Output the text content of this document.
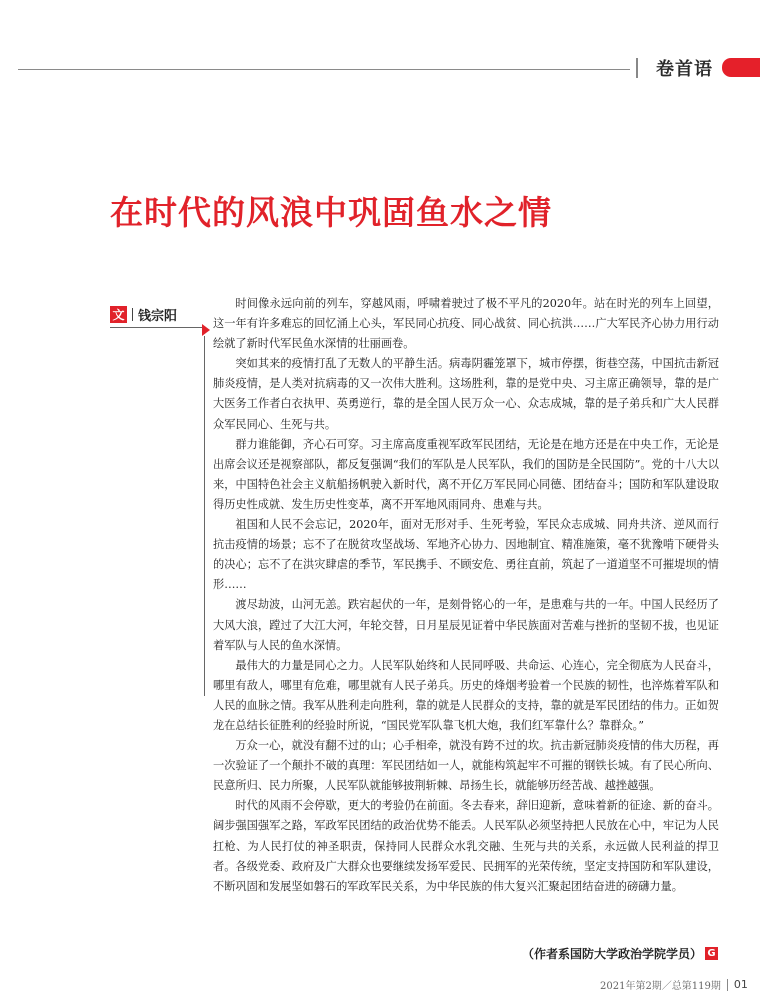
卷首语
在时代的风浪中巩固鱼水之情
文 钱宗阳

时间像永远向前的列车，穿越风雨，呼啸着驶过了极不平凡的2020年。站在时光的列车上回望，这一年有许多难忘的回忆涌上心头，军民同心抗疫、同心战贫、同心抗洪……广大军民齐心协力用行动绘就了新时代军民鱼水深情的壮丽画卷。

突如其来的疫情打乱了无数人的平静生活。病毒阴霾笼罩下，城市停摆，街巷空荡，中国抗击新冠肺炎疫情，是人类对抗病毒的又一次伟大胜利。这场胜利，靠的是党中央、习主席正确领导，靠的是广大医务工作者白衣执甲、英勇逆行，靠的是全国人民万众一心、众志成城，靠的是子弟兵和广大人民群众军民同心、生死与共。

群力谁能御，齐心石可穿。习主席高度重视军政军民团结，无论是在地方还是在中央工作，无论是出席会议还是视察部队，都反复强调“我们的军队是人民军队，我们的国防是全民国防”。党的十八大以来，中国特色社会主义航船扬帆驶入新时代，离不开亿万军民同心同德、团结奋斗；国防和军队建设取得历史性成就、发生历史性变革，离不开军地风雨同舟、患难与共。

祖国和人民不会忘记，2020年，面对无形对手、生死考验，军民众志成城、同舟共济、逆风而行抗击疫情的场景；忘不了在脱贫攻坚战场、军地齐心协力、因地制宜、精准施策，毫不犹豫啃下硬骨头的决心；忘不了在洪灾肆虐的季节，军民携手、不顾安危、勇往直前，筑起了一道道坚不可摧堤坝的情形……

渡尽劫波，山河无恙。跌宕起伏的一年，是刻骨铭心的一年，是患难与共的一年。中国人民经历了大风大浪，蹚过了大江大河，年轮交替，日月星辰见证着中华民族面对苦难与挫折的坚韧不拔，也见证着军队与人民的鱼水深情。

最伟大的力量是同心之力。人民军队始终和人民同呼吸、共命运、心连心，完全彻底为人民奋斗，哪里有敌人，哪里有危难，哪里就有人民子弟兵。历史的烽烟考验着一个民族的韧性，也淬炼着军队和人民的血脉之情。我军从胜利走向胜利，靠的就是人民群众的支持，靠的就是军民团结的伟力。正如贺龙在总结长征胜利的经验时所说，“国民党军队靠飞机大炮，我们红军靠什么？靠群众。”

万众一心，就没有翻不过的山；心手相牵，就没有跨不过的坎。抗击新冠肺炎疫情的伟大历程，再一次验证了一个颠扑不破的真理：军民团结如一人，就能构筑起牢不可摧的钢铁长城。有了民心所向、民意所归、民力所聚，人民军队就能够披荆斩棘、昂扬生长，就能够历经苦战、越挫越强。

时代的风雨不会停歇，更大的考验仍在前面。冬去春来，辞旧迎新，意味着新的征途、新的奋斗。阔步强国强军之路，军政军民团结的政治优势不能丢。人民军队必须坚持把人民放在心中，牢记为人民扛枪、为人民打仗的神圣职责，保持同人民群众水乳交融、生死与共的关系，永远做人民利益的捍卫者。各级党委、政府及广大群众也要继续发扬军爱民、民拥军的光荣传统，坚定支持国防和军队建设，不断巩固和发展坚如磐石的军政军民关系，为中华民族的伟大复兴汇聚起团结奋进的磅礴力量。

（作者系国防大学政治学院学员） G
2021年第2期／总第119期 01
